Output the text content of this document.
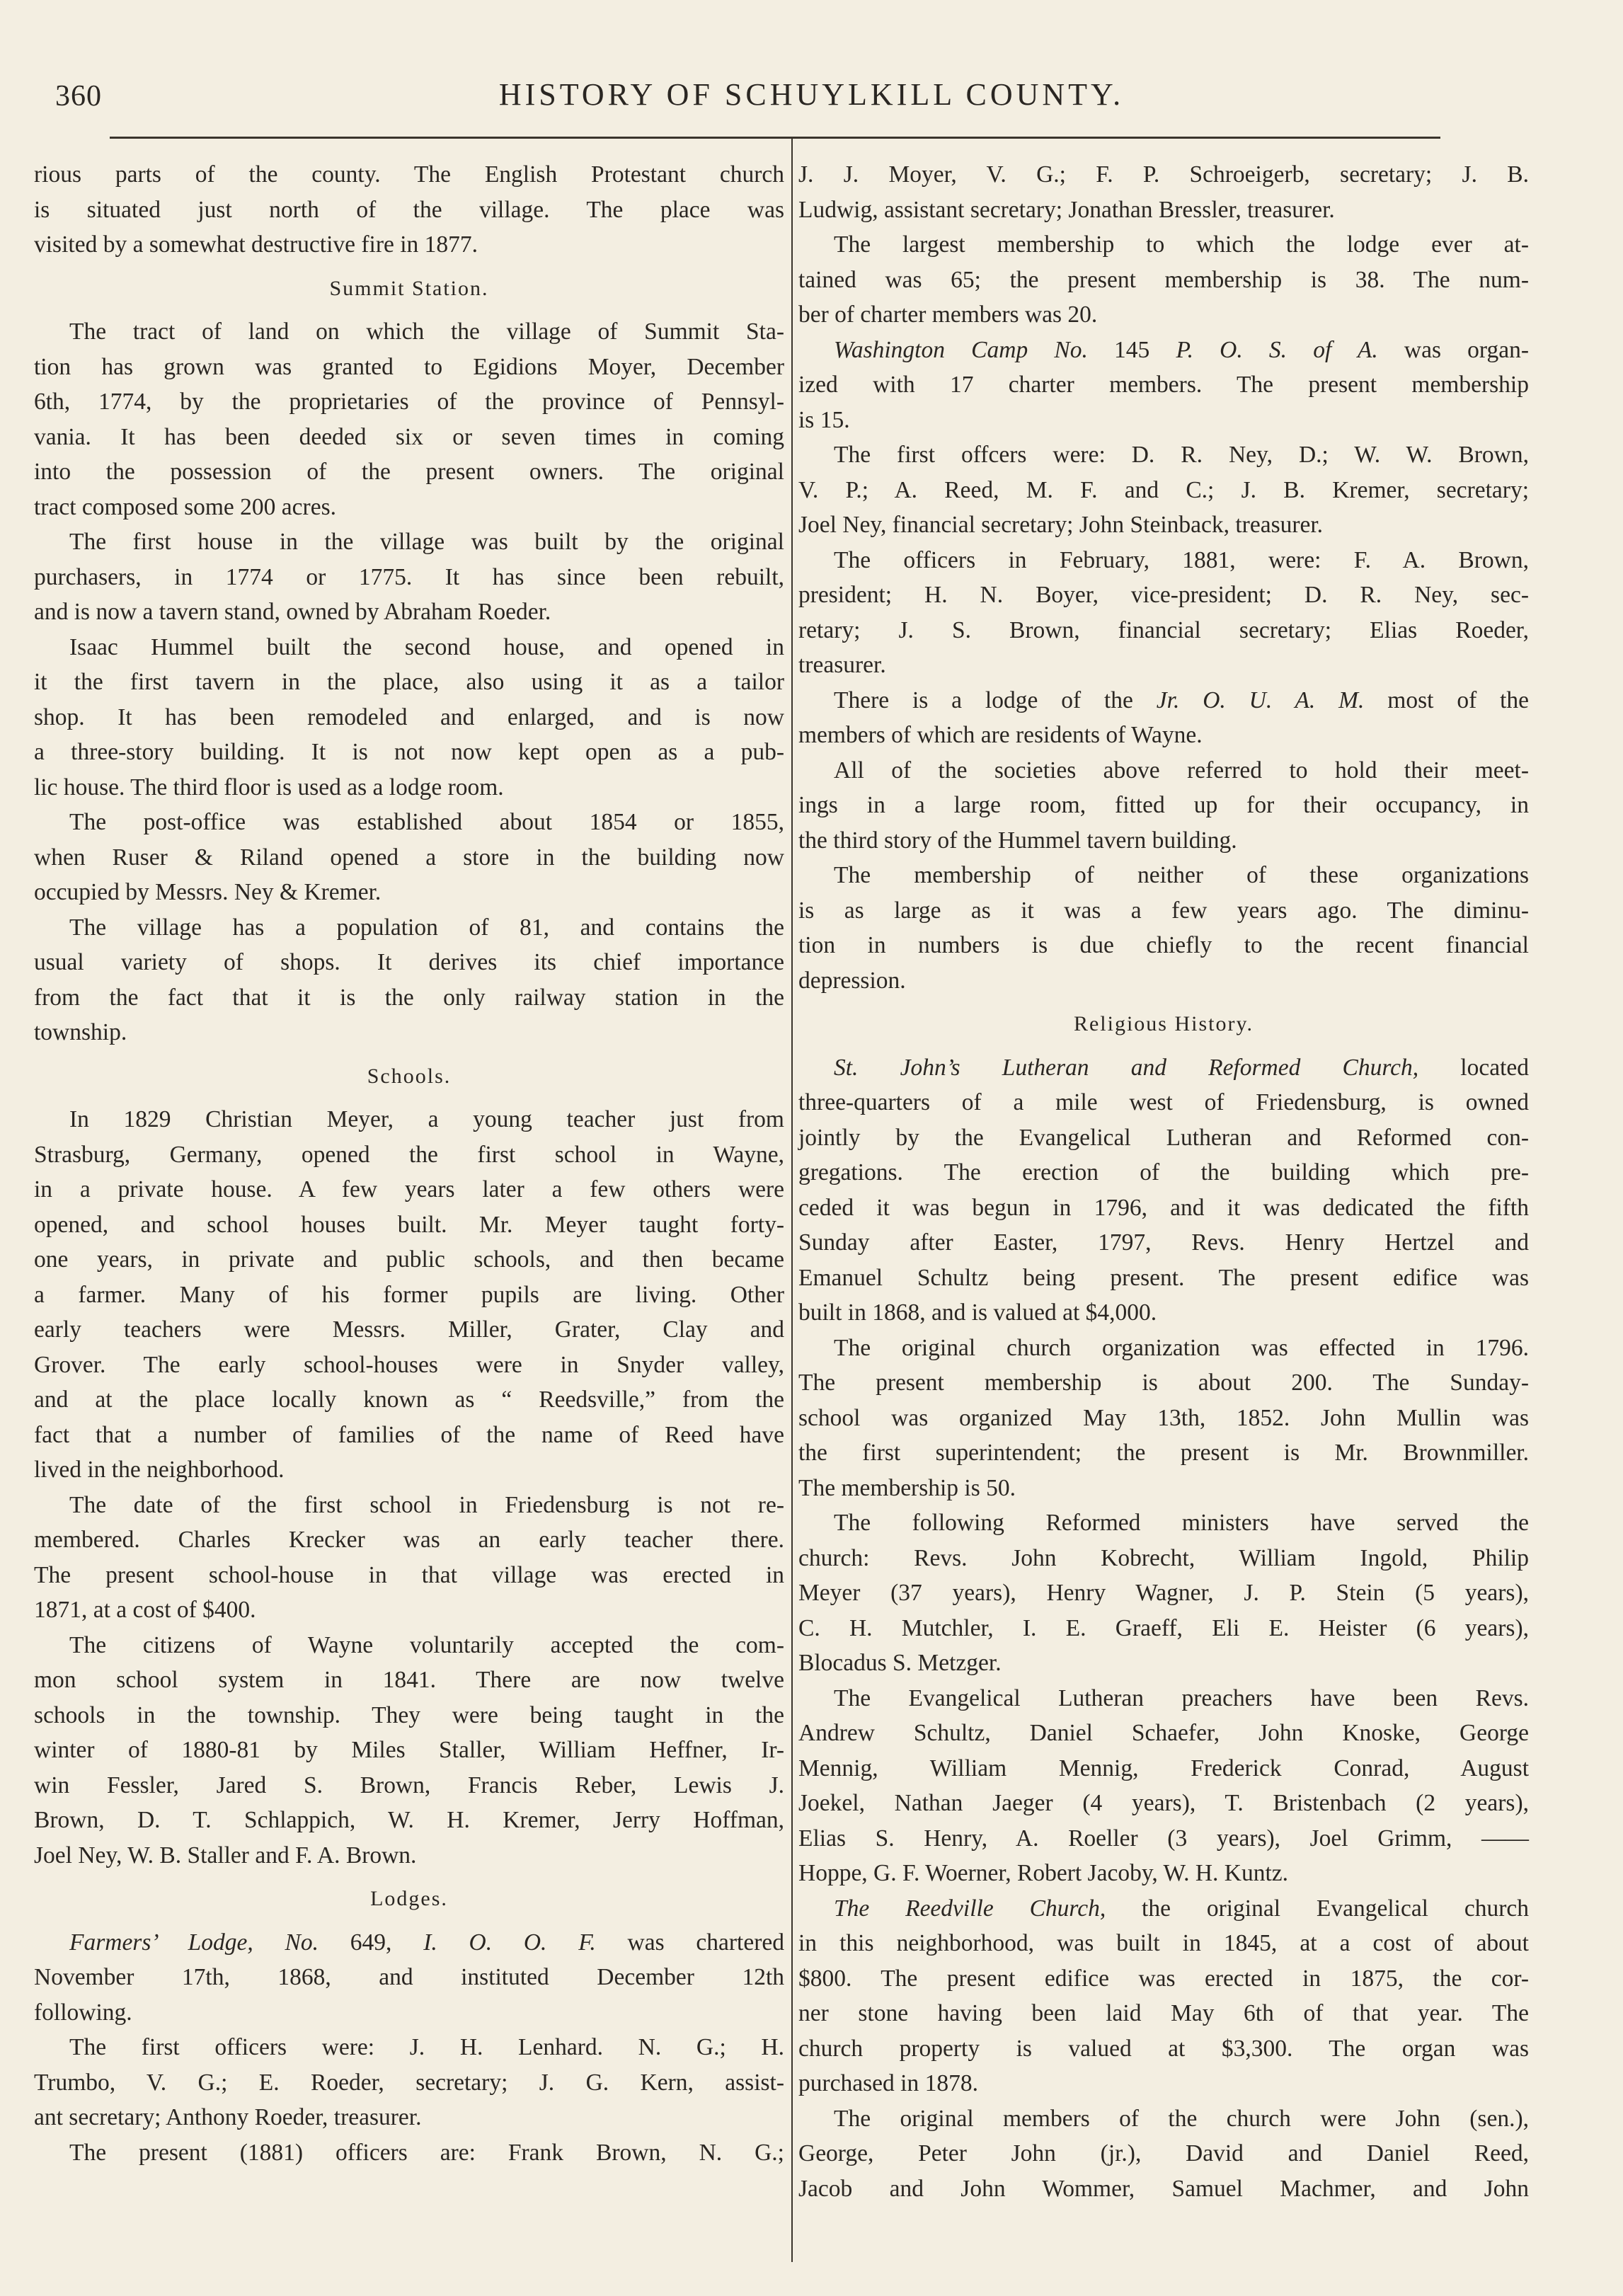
360	HISTORY OF SCHUYLKILL COUNTY.
rious parts of the county. The English Protestant church
is situated just north of the village. The place was
visited by a somewhat destructive fire in 1877.
Summit Station.
The tract of land on which the village of Summit Sta-
tion has grown was granted to Egidions Moyer, December
6th, 1774, by the proprietaries of the province of Pennsyl-
vania. It has been deeded six or seven times in coming
into the possession of the present owners. The original
tract composed some 200 acres.
The first house in the village was built by the original
purchasers, in 1774 or 1775. It has since been rebuilt,
and is now a tavern stand, owned by Abraham Roeder.
Isaac Hummel built the second house, and opened in
it the first tavern in the place, also using it as a tailor
shop. It has been remodeled and enlarged, and is now
a three-story building. It is not now kept open as a pub-
lic house. The third floor is used as a lodge room.
The post-office was established about 1854 or 1855,
when Ruser & Riland opened a store in the building now
occupied by Messrs. Ney & Kremer.
The village has a population of 81, and contains the
usual variety of shops. It derives its chief importance
from the fact that it is the only railway station in the
township.
Schools.
In 1829 Christian Meyer, a young teacher just from
Strasburg, Germany, opened the first school in Wayne,
in a private house. A few years later a few others were
opened, and school houses built. Mr. Meyer taught forty-
one years, in private and public schools, and then became
a farmer. Many of his former pupils are living. Other
early teachers were Messrs. Miller, Grater, Clay and
Grover. The early school-houses were in Snyder valley,
and at the place locally known as “ Reedsville,” from the
fact that a number of families of the name of Reed have
lived in the neighborhood.
The date of the first school in Friedensburg is not re-
membered. Charles Krecker was an early teacher there.
The present school-house in that village was erected in
1871, at a cost of $400.
The citizens of Wayne voluntarily accepted the com-
mon school system in 1841. There are now twelve
schools in the township. They were being taught in the
winter of 1880-81 by Miles Staller, William Heffner, Ir-
win Fessler, Jared S. Brown, Francis Reber, Lewis J.
Brown, D. T. Schlappich, W. H. Kremer, Jerry Hoffman,
Joel Ney, W. B. Staller and F. A. Brown.
Lodges.
Farmers’ Lodge, No. 649, I. O. O. F. was chartered
November 17th, 1868, and instituted December 12th
following.
The first officers were: J. H. Lenhard. N. G.; H.
Trumbo, V. G.; E. Roeder, secretary; J. G. Kern, assist-
ant secretary; Anthony Roeder, treasurer.
The present (1881) officers are: Frank Brown, N. G.;
J. J. Moyer, V. G.; F. P. Schroeigerb, secretary; J. B.
Ludwig, assistant secretary; Jonathan Bressler, treasurer.
The largest membership to which the lodge ever at-
tained was 65; the present membership is 38. The num-
ber of charter members was 20.
Washington Camp No. 145 P. O. S. of A. was organ-
ized with 17 charter members. The present membership
is 15.
The first offcers were: D. R. Ney, D.; W. W. Brown,
V. P.; A. Reed, M. F. and C.; J. B. Kremer, secretary;
Joel Ney, financial secretary; John Steinback, treasurer.
The officers in February, 1881, were: F. A. Brown,
president; H. N. Boyer, vice-president; D. R. Ney, sec-
retary; J. S. Brown, financial secretary; Elias Roeder,
treasurer.
There is a lodge of the Jr. O. U. A. M. most of the
members of which are residents of Wayne.
All of the societies above referred to hold their meet-
ings in a large room, fitted up for their occupancy, in
the third story of the Hummel tavern building.
The membership of neither of these organizations
is as large as it was a few years ago. The diminu-
tion in numbers is due chiefly to the recent financial
depression.
Religious History.
St. John’s Lutheran and Reformed Church, located
three-quarters of a mile west of Friedensburg, is owned
jointly by the Evangelical Lutheran and Reformed con-
gregations. The erection of the building which pre-
ceded it was begun in 1796, and it was dedicated the fifth
Sunday after Easter, 1797, Revs. Henry Hertzel and
Emanuel Schultz being present. The present edifice was
built in 1868, and is valued at $4,000.
The original church organization was effected in 1796.
The present membership is about 200. The Sunday-
school was organized May 13th, 1852. John Mullin was
the first superintendent; the present is Mr. Brownmiller.
The membership is 50.
The following Reformed ministers have served the
church: Revs. John Kobrecht, William Ingold, Philip
Meyer (37 years), Henry Wagner, J. P. Stein (5 years),
C. H. Mutchler, I. E. Graeff, Eli E. Heister (6 years),
Blocadus S. Metzger.
The Evangelical Lutheran preachers have been Revs.
Andrew Schultz, Daniel Schaefer, John Knoske, George
Mennig, William Mennig, Frederick Conrad, August
Joekel, Nathan Jaeger (4 years), T. Bristenbach (2 years),
Elias S. Henry, A. Roeller (3 years), Joel Grimm, ——
Hoppe, G. F. Woerner, Robert Jacoby, W. H. Kuntz.
The Reedville Church, the original Evangelical church
in this neighborhood, was built in 1845, at a cost of about
$800. The present edifice was erected in 1875, the cor-
ner stone having been laid May 6th of that year. The
church property is valued at $3,300. The organ was
purchased in 1878.
The original members of the church were John (sen.),
George, Peter John (jr.), David and Daniel Reed,
Jacob and John Wommer, Samuel Machmer, and John
